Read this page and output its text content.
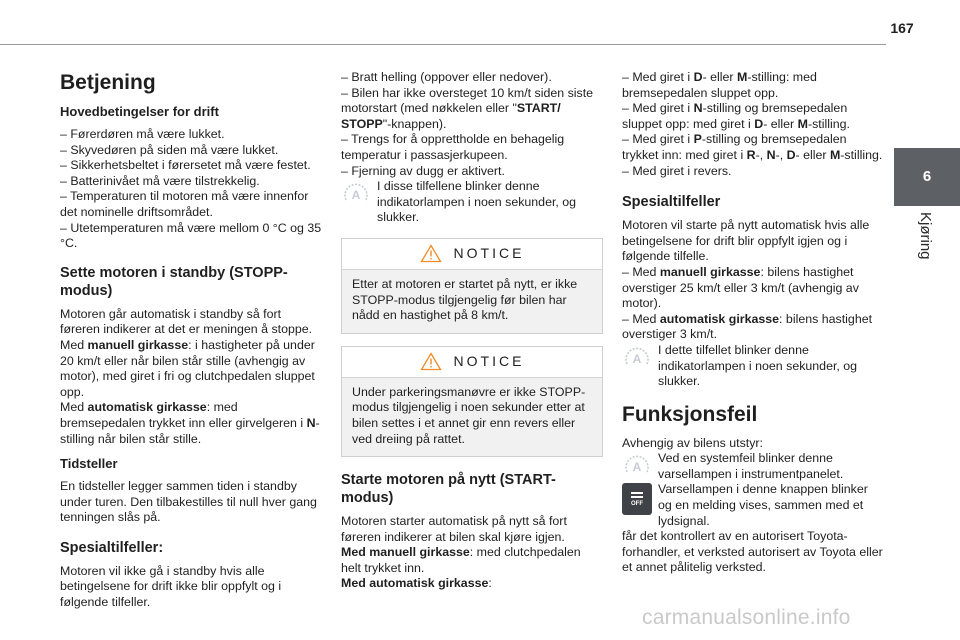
167
6
Kjøring
Betjening
Hovedbetingelser for drift

– Førerdøren må være lukket.

– Skyvedøren på siden må være lukket.

– Sikkerhetsbeltet i førersetet må være festet.

– Batterinivået må være tilstrekkelig.

– Temperaturen til motoren må være innenfor det nominelle driftsområdet.

– Utetemperaturen må være mellom 0 °C og 35 °C.

Sette motoren i standby (STOPP-modus)

Motoren går automatisk i standby så fort føreren indikerer at det er meningen å stoppe.

Med manuell girkasse: i hastigheter på under 20 km/t eller når bilen står stille (avhengig av motor), med giret i fri og clutchpedalen sluppet opp.

Med automatisk girkasse: med bremsepedalen trykket inn eller girvelgeren i N-stilling når bilen står stille.

Tidsteller

En tidsteller legger sammen tiden i standby under turen. Den tilbakestilles til null hver gang tenningen slås på.

Spesialtilfeller:

Motoren vil ikke gå i standby hvis alle betingelsene for drift ikke blir oppfylt og i følgende tilfeller.

– Bratt helling (oppover eller nedover).

– Bilen har ikke oversteget 10 km/t siden siste motorstart (med nøkkelen eller "START/ STOPP"-knappen).

– Trengs for å opprettholde en behagelig temperatur i passasjerkupeen.

– Fjerning av dugg er aktivert.

A

I disse tilfellene blinker denne indikatorlampen i noen sekunder, og slukker.

NOTICE
Etter at motoren er startet på nytt, er ikke STOPP-modus tilgjengelig før bilen har nådd en hastighet på 8 km/t.
NOTICE
Under parkeringsmanøvre er ikke STOPP-modus tilgjengelig i noen sekunder etter at bilen settes i et annet gir enn revers eller ved dreiing på rattet.
Starte motoren på nytt (START-modus)

Motoren starter automatisk på nytt så fort føreren indikerer at bilen skal kjøre igjen.

Med manuell girkasse: med clutchpedalen helt trykket inn.

Med automatisk girkasse:

– Med giret i D- eller M-stilling: med bremsepedalen sluppet opp.

– Med giret i N-stilling og bremsepedalen sluppet opp: med giret i D- eller M-stilling.

– Med giret i P-stilling og bremsepedalen trykket inn: med giret i R-, N-, D- eller M-stilling.

– Med giret i revers.

Spesialtilfeller

Motoren vil starte på nytt automatisk hvis alle betingelsene for drift blir oppfylt igjen og i følgende tilfelle.

– Med manuell girkasse: bilens hastighet overstiger 25 km/t eller 3 km/t (avhengig av motor).

– Med automatisk girkasse: bilens hastighet overstiger 3 km/t.

A

I dette tilfellet blinker denne indikatorlampen i noen sekunder, og slukker.

Funksjonsfeil

Avhengig av bilens utstyr:

A

Ved en systemfeil blinker denne varsellampen i instrumentpanelet.

OFF

Varsellampen i denne knappen blinker og en melding vises, sammen med et lydsignal.

får det kontrollert av en autorisert Toyota-forhandler, et verksted autorisert av Toyota eller et annet pålitelig verksted.

carmanualsonline.info
